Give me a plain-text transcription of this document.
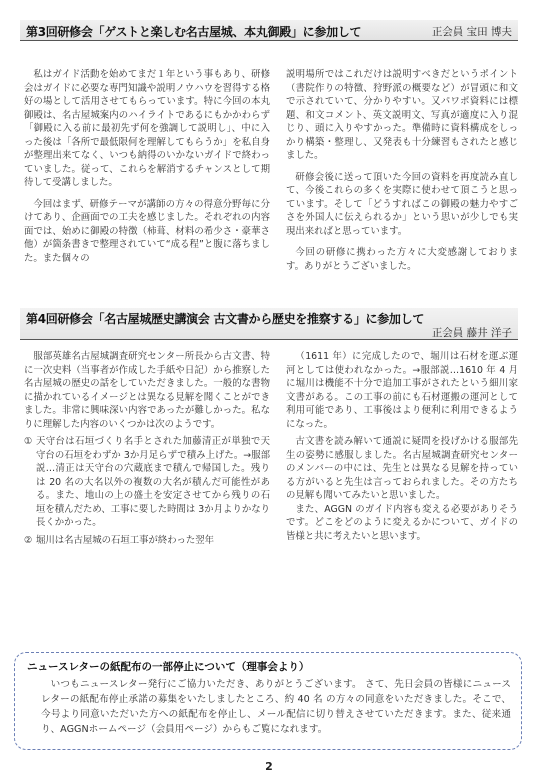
第3回研修会「ゲストと楽しむ名古屋城、本丸御殿」に参加して	正会員 宝田 博夫

私はガイド活動を始めてまだ１年という事もあり、研修会はガイドに必要な専門知識や説明ノウハウを習得する格好の場として活用させてもらっています。特に今回の本丸御殿は、名古屋城案内のハイライトであるにもかかわらず「御殿に入る前に最初先ず何を強調して説明し」、中に入った後は「各所で最低限何を理解してもらうか」を私自身が整理出来てなく、いつも納得のいかないガイドで終わっていました。従って、これらを解消するチャンスとして期待して受講しました。

今回はまず、研修テーマが講師の方々の得意分野毎に分けてあり、企画面での工夫を感じました。それぞれの内容面では、始めに御殿の特徴（柿葺、材料の希少さ・豪華さ他）が箇条書きで整理されていて“成る程”と腹に落ちました。また個々の

説明場所ではこれだけは説明すべきだというポイント（書院作りの特徴、狩野派の概要など）が冒頭に和文で示されていて、分かりやすい。又パワポ資料には標題、和文コメント、英文説明文、写真が適度に入り混じり、頭に入りやすかった。準備時に資料構成をしっかり構築・整理し、又発表も十分練習もされたと感じました。

研修会後に送って頂いた今回の資料を再度読み直して、今後これらの多くを実際に使わせて頂こうと思っています。そして「どうすればこの御殿の魅力やすごさを外国人に伝えられるか」という思いが少しでも実現出来ればと思っています。

今回の研修に携わった方々に大変感謝しております。ありがとうございました。

第4回研修会「名古屋城歴史講演会 古文書から歴史を推察する」に参加して
正会員 藤井 洋子

服部英雄名古屋城調査研究センター所長から古文書、特に一次史料（当事者が作成した手紙や日記）から推察した名古屋城の歴史の話をしていただきました。一般的な書物に描かれているイメージとは異なる見解を聞くことができました。非常に興味深い内容であったが難しかった。私なりに理解した内容のいくつかは次のようです。

① 天守台は石垣づくり名手とされた加藤清正が単独で天守台の石垣をわずか 3か月足らずで積み上げた。→服部説…清正は天守台の穴蔵底まで積んで帰国した。残りは 20 名の大名以外の複数の大名が積んだ可能性がある。また、地山の上の盛土を安定させてから残りの石垣を積んだため、工事に要した時間は 3か月よりかなり長くかかった。
② 堀川は名古屋城の石垣工事が終わった翌年

（1611 年）に完成したので、堀川は石材を運ぶ運河としては使われなかった。→服部説…1610 年 4 月に堀川は機能不十分で追加工事がされたという細川家文書がある。この工事の前にも石材運搬の運河として利用可能であり、工事後はより便利に利用できるようになった。

古文書を読み解いて通説に疑問を投げかける服部先生の姿勢に感服しました。名古屋城調査研究センターのメンバーの中には、先生とは異なる見解を持っている方がいると先生は言っておられました。その方たちの見解も聞いてみたいと思いました。

また、AGGN のガイド内容も変える必要がありそうです。どこをどのように変えるかについて、ガイドの皆様と共に考えたいと思います。

ニュースレターの紙配布の一部停止について（理事会より）
いつもニュースレター発行にご協力いただき、ありがとうございます。 さて、先日会員の皆様にニュースレターの紙配布停止承諾の募集をいたしましたところ、約 40 名 の方々の同意をいただきました。そこで、今号より同意いただいた方への紙配布を停止し、メール配信に切り替えさせていただきます。また、従来通り、AGGNホームページ（会員用ページ）からもご覧になれます。
2
